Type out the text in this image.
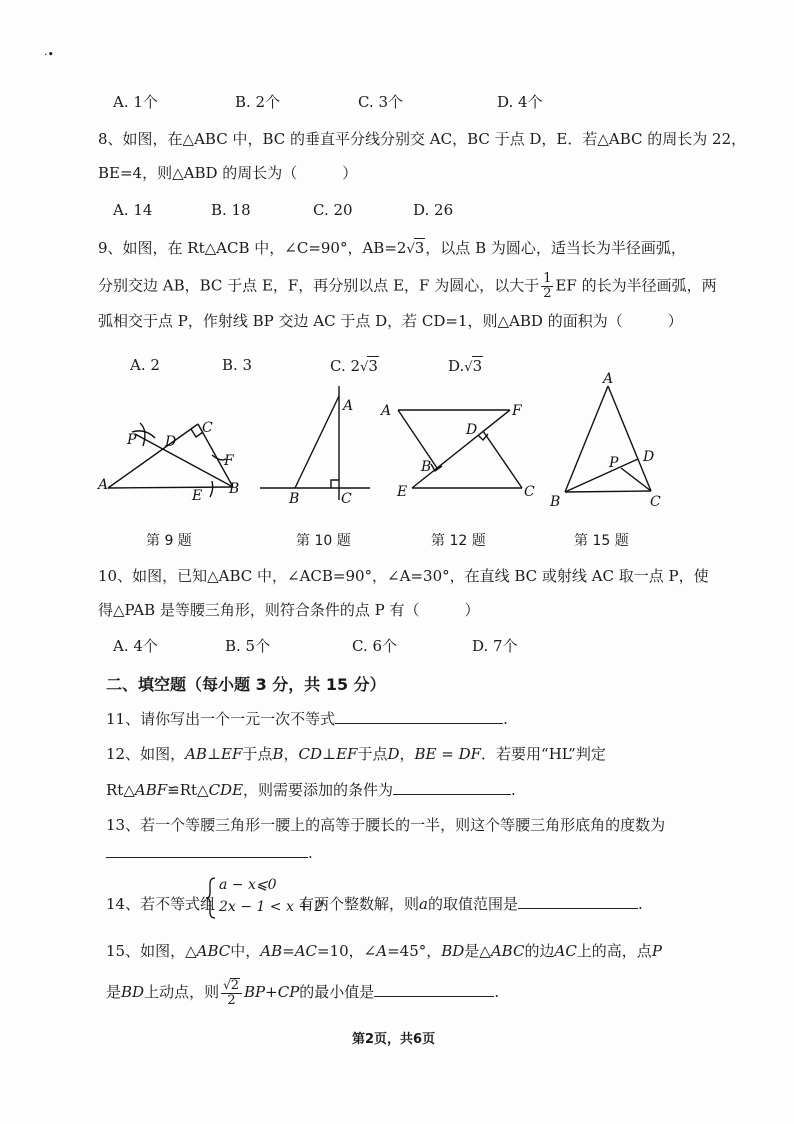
·•
A. 1个	B. 2个	C. 3个	D. 4个
8、如图，在△ABC 中，BC 的垂直平分线分别交 AC，BC 于点 D，E．若△ABC 的周长为 22，
BE=4，则△ABD 的周长为（　　　）
A. 14	B. 18	C. 20	D. 26
9、如图，在 Rt△ACB 中，∠C=90°，AB=2√3，以点 B 为圆心，适当长为半径画弧，
分别交边 AB，BC 于点 E，F，再分别以点 E，F 为圆心，以大于 $\frac{1}{2}$ EF 的长为半径画弧，两
弧相交于点 P，作射线 BP 交边 AC 于点 D，若 CD=1，则△ABD 的面积为（　　　）
A. 2	B. 3	C. 2√3	D.√3
P D
C
F
A
E B
A
B	C
A	F
D
B
E	C
A
P D
B	C
第 9 题	第 10 题	第 12 题	第 15 题
10、如图，已知△ABC 中，∠ACB=90°，∠A=30°，在直线 BC 或射线 AC 取一点 P，使
得△PAB 是等腰三角形，则符合条件的点 P 有（　　　）
A. 4个	B. 5个	C. 6个	D. 7个
二、填空题（每小题 3 分，共 15 分）
11、请你写出一个一元一次不等式	.
12、如图，AB⊥EF于点B，CD⊥EF于点D，BE = DF．若要用“HL”判定
Rt△ABF≌Rt△CDE，则需要添加的条件为	.
13、若一个等腰三角形一腰上的高等于腰长的一半，则这个等腰三角形底角的度数为
.
14、若不等式组
a − x⩽0
2x − 1 < x + 2
有两个整数解，则a的取值范围是	.
15、如图，△ABC中，AB=AC=10，∠A=45°，BD是△ABC的边AC上的高，点P
是BD上动点，则 $\frac{√2}{2} BP+CP$的最小值是	.
第2页，共6页
